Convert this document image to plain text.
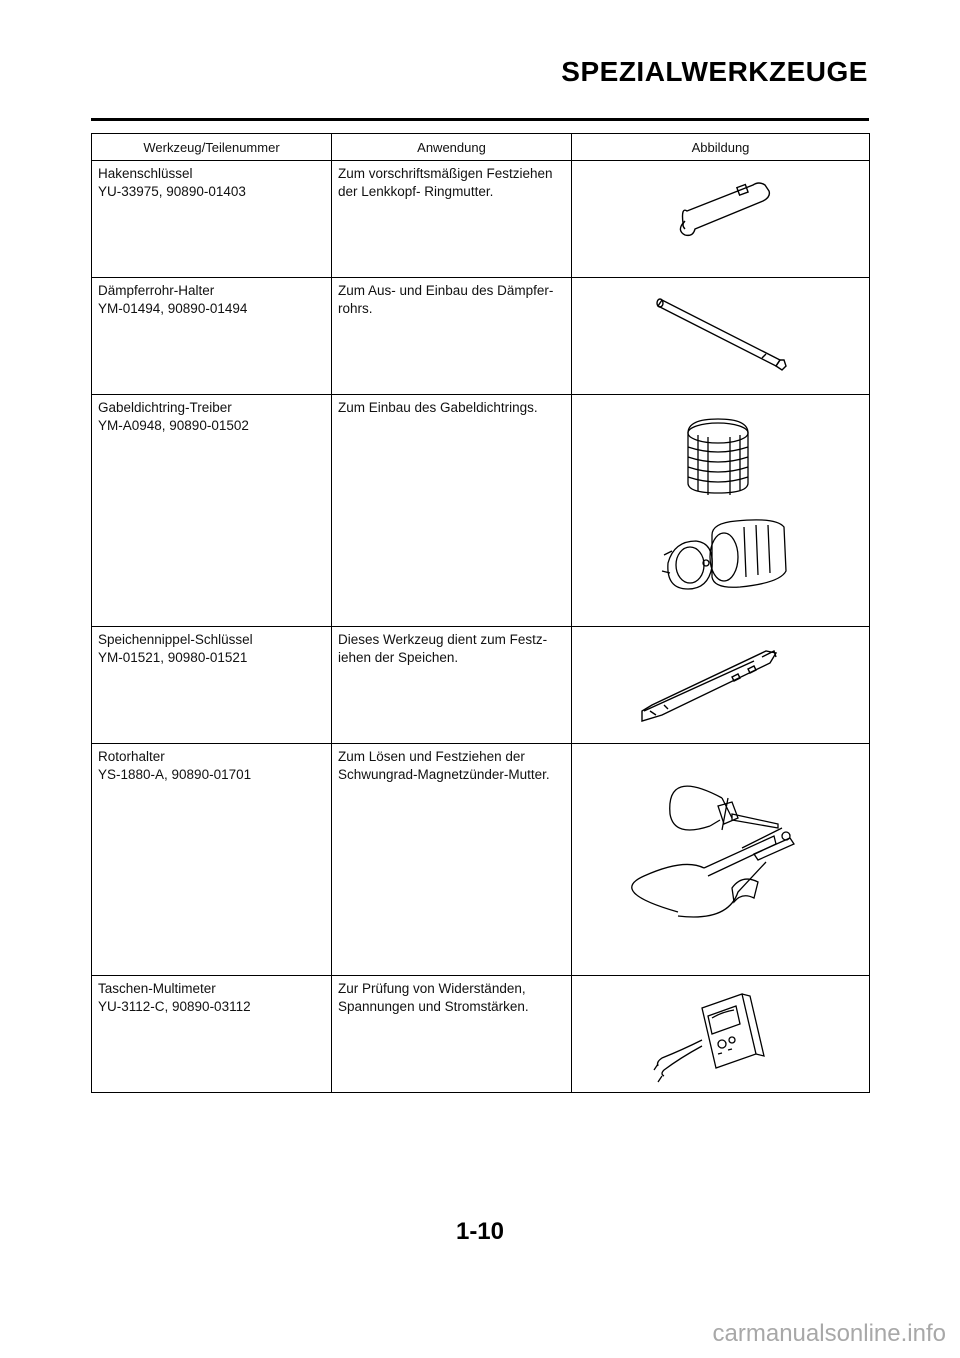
SPEZIALWERKZEUGE
Werkzeug/Teilenummer	Anwendung	Abbildung

Hakenschlüssel
YU-33975, 90890-01403	Zum vorschriftsmäßigen Festziehen
der Lenkkopf- Ringmutter.

Dämpferrohr-Halter
YM-01494, 90890-01494	Zum Aus- und Einbau des Dämpfer-
rohrs.

Gabeldichtring-Treiber
YM-A0948, 90890-01502	Zum Einbau des Gabeldichtrings.

Speichennippel-Schlüssel
YM-01521, 90980-01521	Dieses Werkzeug dient zum Festz-
iehen der Speichen.

Rotorhalter
YS-1880-A, 90890-01701	Zum Lösen und Festziehen der
Schwungrad-Magnetzünder-Mutter.

Taschen-Multimeter
YU-3112-C, 90890-03112	Zur Prüfung von Widerständen,
Spannungen und Stromstärken.

1-10
carmanualsonline.info
